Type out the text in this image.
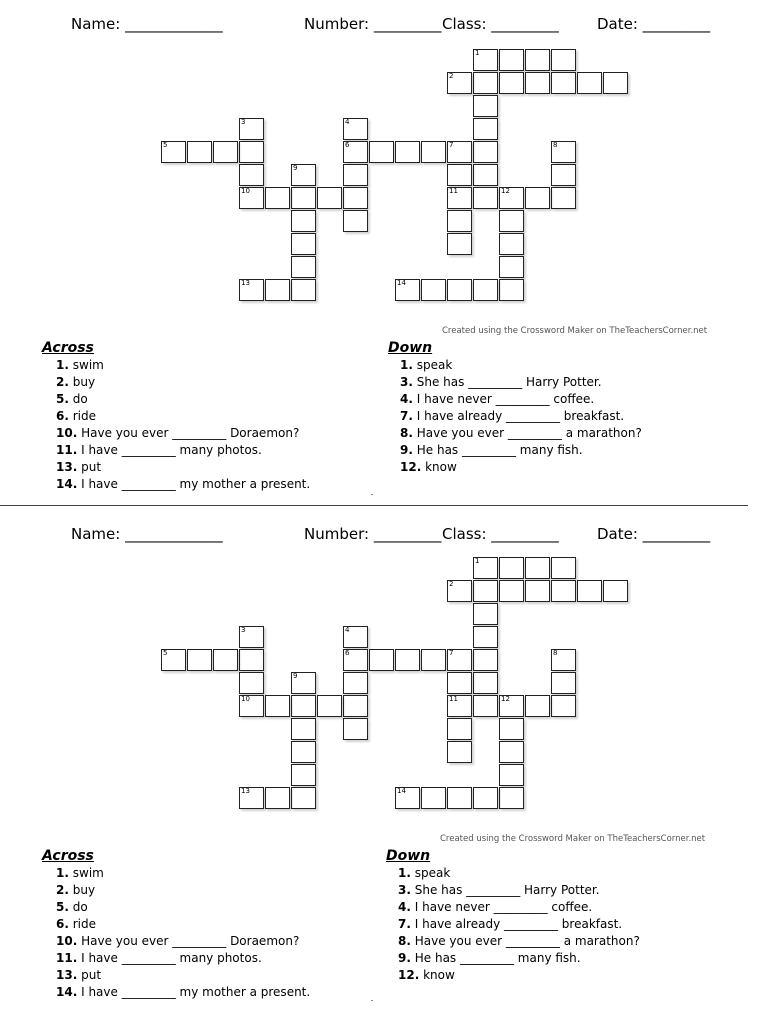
Name: _____________	Number: _________ Class: _________	Date: _________
1
2
3
10
4
6
5	7	8
9
11	12
13	14
Created using the Crossword Maker on TheTeachersCorner.net
Across
1. swim
2. buy
5. do
6. ride
10. Have you ever _________ Doraemon?
11. I have _________ many photos.
13. put
14. I have _________ my mother a present.
Down
1. speak
3. She has _________ Harry Potter.
4. I have never _________ coffee.
7. I have already _________ breakfast.
8. Have you ever _________ a marathon?
9. He has _________ many fish.
12. know
Name: _____________	Number: _________ Class: _________	Date: _________
1
2
3
10
4
6
5	7	8
9
11	12
13	14
Created using the Crossword Maker on TheTeachersCorner.net
Across
1. swim
2. buy
5. do
6. ride
10. Have you ever _________ Doraemon?
11. I have _________ many photos.
13. put
14. I have _________ my mother a present.
Down
1. speak
3. She has _________ Harry Potter.
4. I have never _________ coffee.
7. I have already _________ breakfast.
8. Have you ever _________ a marathon?
9. He has _________ many fish.
12. know
